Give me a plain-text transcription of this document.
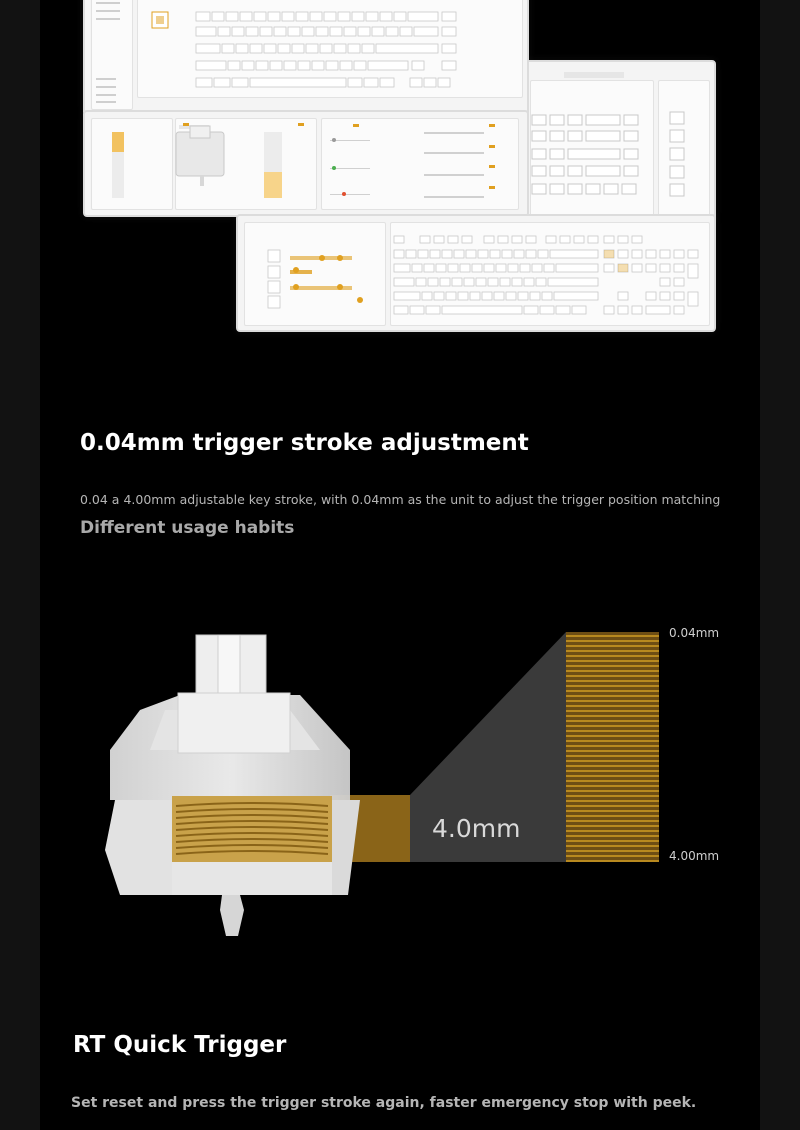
0.04mm trigger stroke adjustment
0.04 a 4.00mm adjustable key stroke, with 0.04mm as the unit to adjust the trigger position matching
Different usage habits
4.0mm
0.04mm
4.00mm
RT Quick Trigger
Set reset and press the trigger stroke again, faster emergency stop with peek.
